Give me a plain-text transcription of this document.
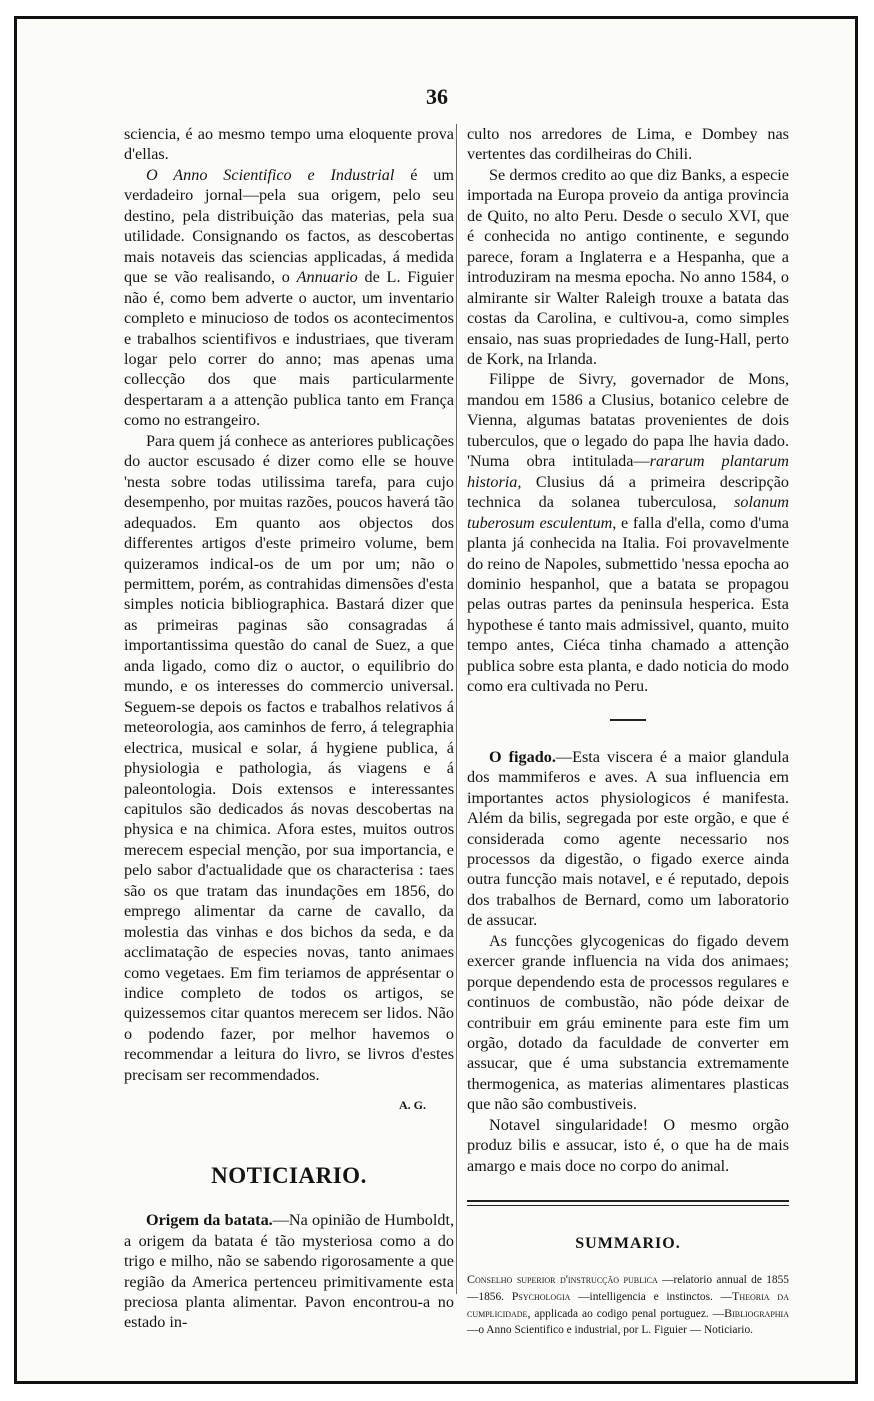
36

sciencia, é ao mesmo tempo uma eloquente prova d'ellas.

O Anno Scientifico e Industrial é um verdadeiro jornal—pela sua origem, pelo seu destino, pela distribuição das materias, pela sua utilidade. Consignando os factos, as descobertas mais notaveis das sciencias applicadas, á medida que se vão realisando, o Annuario de L. Figuier não é, como bem adverte o auctor, um inventario completo e minucioso de todos os acontecimentos e trabalhos scientifivos e industriaes, que tiveram logar pelo correr do anno; mas apenas uma collecção dos que mais particularmente despertaram a a attenção publica tanto em França como no estrangeiro.

Para quem já conhece as anteriores publicações do auctor escusado é dizer como elle se houve 'nesta sobre todas utilissima tarefa, para cujo desempenho, por muitas razões, poucos haverá tão adequados. Em quanto aos objectos dos differentes artigos d'este primeiro volume, bem quizeramos indical-os de um por um; não o permittem, porém, as contrahidas dimensões d'esta simples noticia bibliographica. Bastará dizer que as primeiras paginas são consagradas á importantissima questão do canal de Suez, a que anda ligado, como diz o auctor, o equilibrio do mundo, e os interesses do commercio universal. Seguem-se depois os factos e trabalhos relativos á meteorologia, aos caminhos de ferro, á telegraphia electrica, musical e solar, á hygiene publica, á physiologia e pathologia, ás viagens e á paleontologia. Dois extensos e interessantes capitulos são dedicados ás novas descobertas na physica e na chimica. Afora estes, muitos outros merecem especial menção, por sua importancia, e pelo sabor d'actualidade que os characterisa : taes são os que tratam das inundações em 1856, do emprego alimentar da carne de cavallo, da molestia das vinhas e dos bichos da seda, e da acclimatação de especies novas, tanto animaes como vegetaes. Em fim teriamos de apprésentar o indice completo de todos os artigos, se quizessemos citar quantos merecem ser lidos. Não o podendo fazer, por melhor havemos o recommendar a leitura do livro, se livros d'estes precisam ser recommendados.

A. G.
NOTICIARIO.

Origem da batata.—Na opinião de Humboldt, a origem da batata é tão mysteriosa como a do trigo e milho, não se sabendo rigorosamente a que região da America pertenceu primitivamente esta preciosa planta alimentar. Pavon encontrou-a no estado in-

culto nos arredores de Lima, e Dombey nas vertentes das cordilheiras do Chili.

Se dermos credito ao que diz Banks, a especie importada na Europa proveio da antiga provincia de Quito, no alto Peru. Desde o seculo XVI, que é conhecida no antigo continente, e segundo parece, foram a Inglaterra e a Hespanha, que a introduziram na mesma epocha. No anno 1584, o almirante sir Walter Raleigh trouxe a batata das costas da Carolina, e cultivou-a, como simples ensaio, nas suas propriedades de Iung-Hall, perto de Kork, na Irlanda.

Filippe de Sivry, governador de Mons, mandou em 1586 a Clusius, botanico celebre de Vienna, algumas batatas provenientes de dois tuberculos, que o legado do papa lhe havia dado. 'Numa obra intitulada—rararum plantarum historia, Clusius dá a primeira descripção technica da solanea tuberculosa, solanum tuberosum esculentum, e falla d'ella, como d'uma planta já conhecida na Italia. Foi provavelmente do reino de Napoles, submettido 'nessa epocha ao dominio hespanhol, que a batata se propagou pelas outras partes da peninsula hesperica. Esta hypothese é tanto mais admissivel, quanto, muito tempo antes, Ciéca tinha chamado a attenção publica sobre esta planta, e dado noticia do modo como era cultivada no Peru.

O figado.—Esta viscera é a maior glandula dos mammiferos e aves. A sua influencia em importantes actos physiologicos é manifesta. Além da bilis, segregada por este orgão, e que é considerada como agente necessario nos processos da digestão, o figado exerce ainda outra funcção mais notavel, e é reputado, depois dos trabalhos de Bernard, como um laboratorio de assucar.

As funcções glycogenicas do figado devem exercer grande influencia na vida dos animaes; porque dependendo esta de processos regulares e continuos de combustão, não póde deixar de contribuir em gráu eminente para este fim um orgão, dotado da faculdade de converter em assucar, que é uma substancia extremamente thermogenica, as materias alimentares plasticas que não são combustiveis.

Notavel singularidade! O mesmo orgão produz bilis e assucar, isto é, o que ha de mais amargo e mais doce no corpo do animal.

SUMMARIO.
Conselho superior d'instrucção publica —relatorio annual de 1855—1856. Psychologia —intelligencia e instinctos. —Theoria da cumplicidade, applicada ao codigo penal portuguez. —Bibliographia —o Anno Scientifico e industrial, por L. Figuier — Noticiario.
